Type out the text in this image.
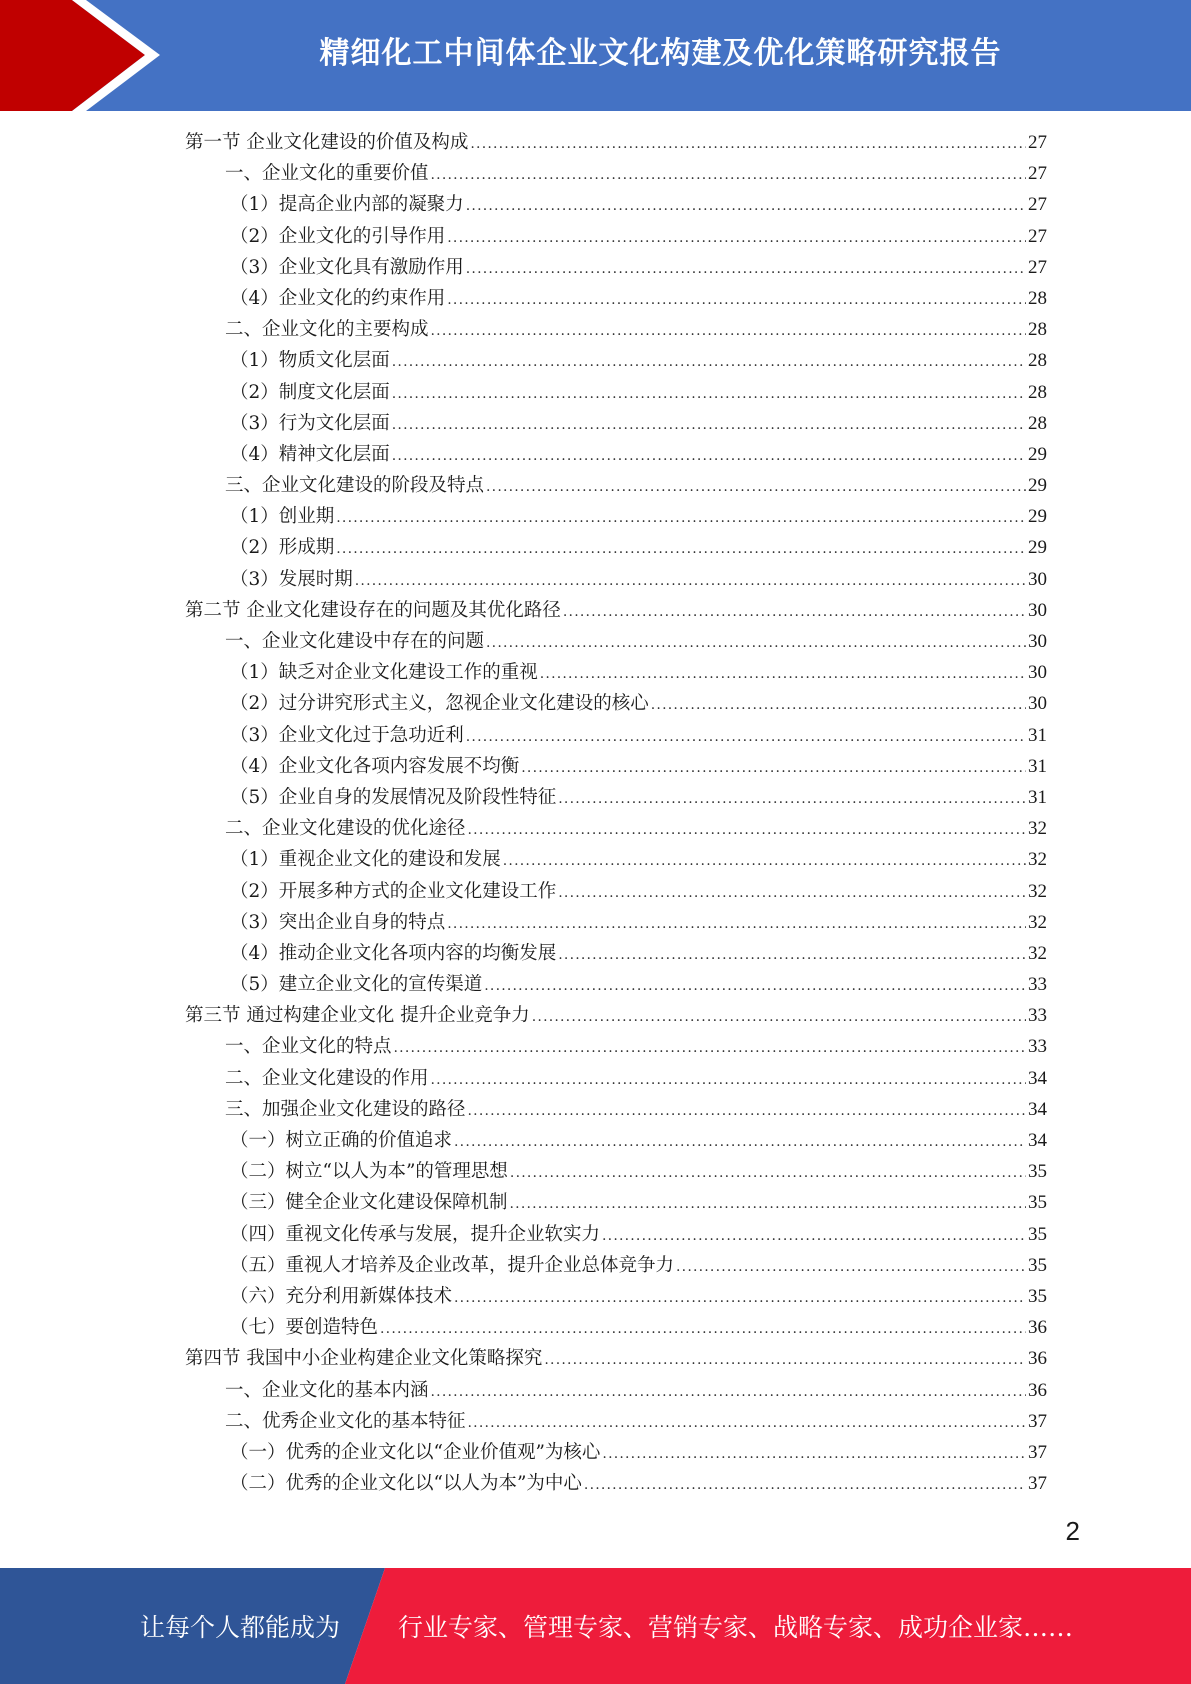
精细化工中间体企业文化构建及优化策略研究报告
第一节 企业文化建设的价值及构成 .....	27
一、企业文化的重要价值 .....	27
（1）提高企业内部的凝聚力 .....	27
（2）企业文化的引导作用 .....	27
（3）企业文化具有激励作用 .....	27
（4）企业文化的约束作用 .....	28
二、企业文化的主要构成 .....	28
（1）物质文化层面 .....	28
（2）制度文化层面 .....	28
（3）行为文化层面 .....	28
（4）精神文化层面 .....	29
三、企业文化建设的阶段及特点 .....	29
（1）创业期 .....	29
（2）形成期 .....	29
（3）发展时期 .....	30
第二节 企业文化建设存在的问题及其优化路径 .....	30
一、企业文化建设中存在的问题 .....	30
（1）缺乏对企业文化建设工作的重视 .....	30
（2）过分讲究形式主义，忽视企业文化建设的核心 .....	30
（3）企业文化过于急功近利 .....	31
（4）企业文化各项内容发展不均衡 .....	31
（5）企业自身的发展情况及阶段性特征 .....	31
二、企业文化建设的优化途径 .....	32
（1）重视企业文化的建设和发展 .....	32
（2）开展多种方式的企业文化建设工作 .....	32
（3）突出企业自身的特点 .....	32
（4）推动企业文化各项内容的均衡发展 .....	32
（5）建立企业文化的宣传渠道 .....	33
第三节 通过构建企业文化 提升企业竞争力 .....	33
一、企业文化的特点 .....	33
二、企业文化建设的作用 .....	34
三、加强企业文化建设的路径 .....	34
（一）树立正确的价值追求 .....	34
（二）树立“以人为本”的管理思想 .....	35
（三）健全企业文化建设保障机制 .....	35
（四）重视文化传承与发展，提升企业软实力 .....	35
（五）重视人才培养及企业改革，提升企业总体竞争力 .....	35
（六）充分利用新媒体技术 .....	35
（七）要创造特色 .....	36
第四节 我国中小企业构建企业文化策略探究 .....	36
一、企业文化的基本内涵 .....	36
二、优秀企业文化的基本特征 .....	37
（一）优秀的企业文化以“企业价值观”为核心 .....	37
（二）优秀的企业文化以“以人为本”为中心 .....	37
2
让每个人都能成为 行业专家、管理专家、营销专家、战略专家、成功企业家……
